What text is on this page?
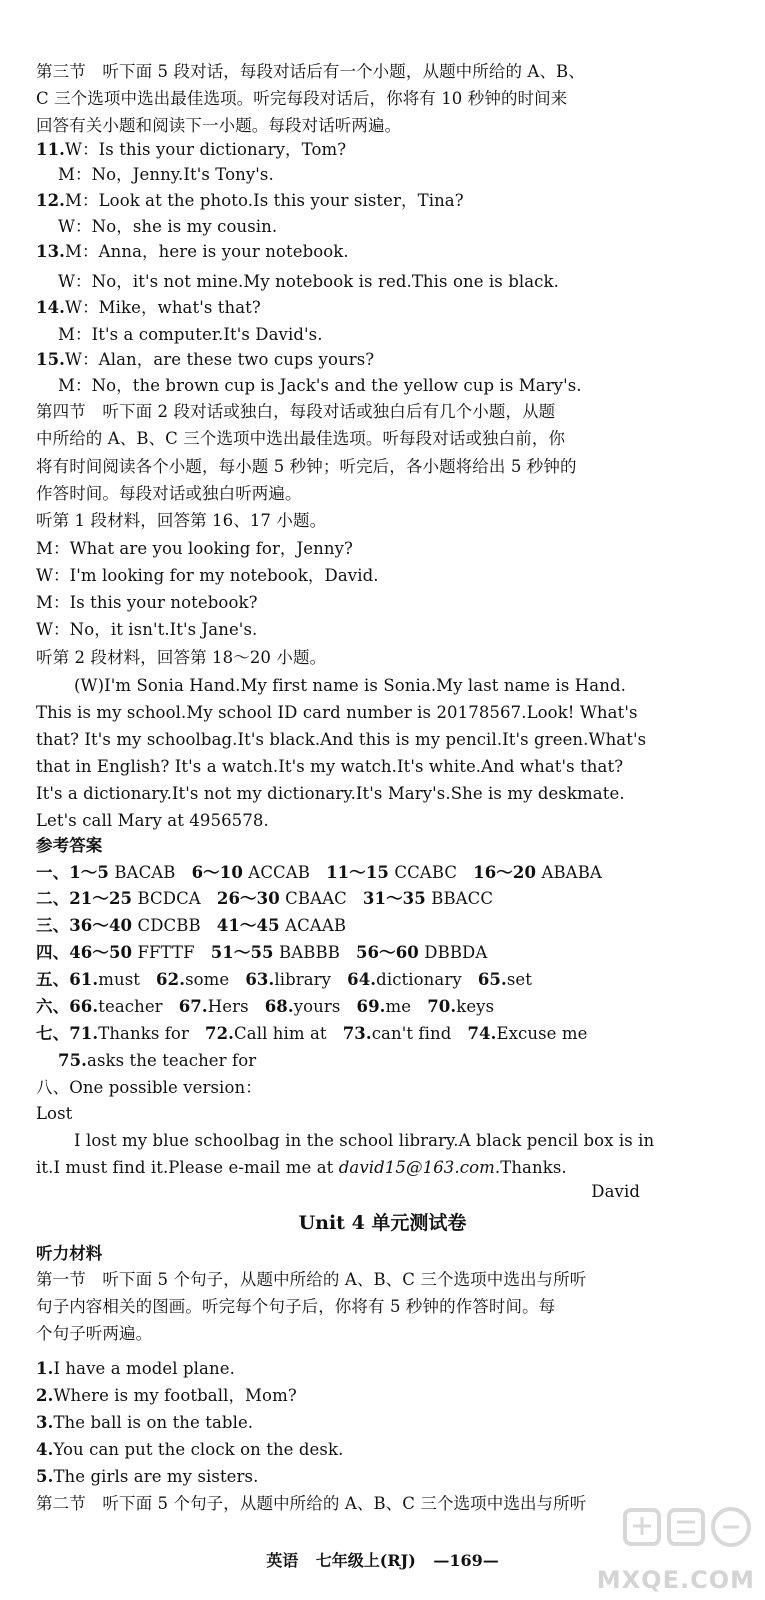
第三节　听下面 5 段对话，每段对话后有一个小题，从题中所给的 A、B、
C 三个选项中选出最佳选项。听完每段对话后，你将有 10 秒钟的时间来
回答有关小题和阅读下一小题。每段对话听两遍。
11.W：Is this your dictionary，Tom?
M：No，Jenny.It's Tony's.
12.M：Look at the photo.Is this your sister，Tina?
W：No，she is my cousin.
13.M：Anna，here is your notebook.
W：No，it's not mine.My notebook is red.This one is black.
14.W：Mike，what's that?
M：It's a computer.It's David's.
15.W：Alan，are these two cups yours?
M：No，the brown cup is Jack's and the yellow cup is Mary's.
第四节　听下面 2 段对话或独白，每段对话或独白后有几个小题，从题
中所给的 A、B、C 三个选项中选出最佳选项。听每段对话或独白前，你
将有时间阅读各个小题，每小题 5 秒钟；听完后，各小题将给出 5 秒钟的
作答时间。每段对话或独白听两遍。
听第 1 段材料，回答第 16、17 小题。
M：What are you looking for，Jenny?
W：I'm looking for my notebook，David.
M：Is this your notebook?
W：No，it isn't.It's Jane's.
听第 2 段材料，回答第 18～20 小题。
(W)I'm Sonia Hand.My first name is Sonia.My last name is Hand.
This is my school.My school ID card number is 20178567.Look! What's
that? It's my schoolbag.It's black.And this is my pencil.It's green.What's
that in English? It's a watch.It's my watch.It's white.And what's that?
It's a dictionary.It's not my dictionary.It's Mary's.She is my deskmate.
Let's call Mary at 4956578.
参考答案
一、1～5 BACAB 6～10 ACCAB 11～15 CCABC 16～20 ABABA
二、21～25 BCDCA 26～30 CBAAC 31～35 BBACC
三、36～40 CDCBB 41～45 ACAAB
四、46～50 FFTTF 51～55 BABBB 56～60 DBBDA
五、61.must 62.some 63.library 64.dictionary 65.set
六、66.teacher 67.Hers 68.yours 69.me 70.keys
七、71.Thanks for 72.Call him at 73.can't find 74.Excuse me
75.asks the teacher for
八、One possible version：
Lost
I lost my blue schoolbag in the school library.A black pencil box is in
it.I must find it.Please e-mail me at david15@163.com.Thanks.
David
Unit 4 单元测试卷
听力材料
第一节　听下面 5 个句子，从题中所给的 A、B、C 三个选项中选出与所听
句子内容相关的图画。听完每个句子后，你将有 5 秒钟的作答时间。每
个句子听两遍。
1.I have a model plane.
2.Where is my football，Mom?
3.The ball is on the table.
4.You can put the clock on the desk.
5.The girls are my sisters.
第二节　听下面 5 个句子，从题中所给的 A、B、C 三个选项中选出与所听
英语 七年级上(RJ) —169—
MXQE.COM
